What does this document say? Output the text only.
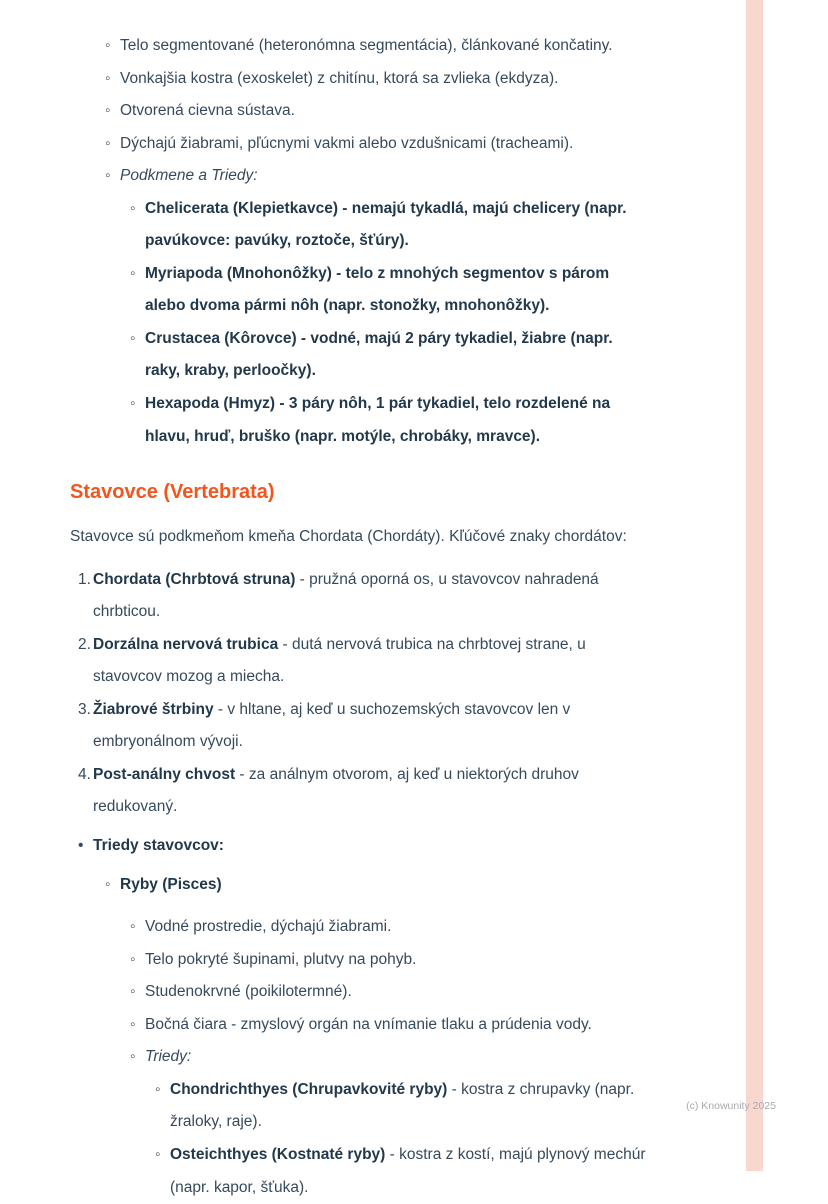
◦ Telo segmentované (heteronómna segmentácia), článkované končatiny.
◦ Vonkajšia kostra (exoskelet) z chitínu, ktorá sa zvlieka (ekdyza).
◦ Otvorená cievna sústava.
◦ Dýchajú žiabrami, pľúcnymi vakmi alebo vzdušnicami (tracheami).
◦ Podkmene a Triedy:
◦ Chelicerata (Klepietkavce) - nemajú tykadlá, majú chelicery (napr. pavúkovce: pavúky, roztoče, šťúry).
◦ Myriapoda (Mnohonôžky) - telo z mnohých segmentov s párom alebo dvoma pármi nôh (napr. stonožky, mnohonôžky).
◦ Crustacea (Kôrovce) - vodné, majú 2 páry tykadiel, žiabre (napr. raky, kraby, perloočky).
◦ Hexapoda (Hmyz) - 3 páry nôh, 1 pár tykadiel, telo rozdelené na hlavu, hruď, bruško (napr. motýle, chrobáky, mravce).
Stavovce (Vertebrata)

Stavovce sú podkmeňom kmeňa Chordata (Chordáty). Kľúčové znaky chordátov:

1. Chordata (Chrbtová struna) - pružná oporná os, u stavovcov nahradená chrbticou.
2. Dorzálna nervová trubica - dutá nervová trubica na chrbtovej strane, u stavovcov mozog a miecha.
3. Žiabrové štrbiny - v hltane, aj keď u suchozemských stavovcov len v embryonálnom vývoji.
4. Post-análny chvost - za análnym otvorom, aj keď u niektorých druhov redukovaný.
• Triedy stavovcov:
◦ Ryby (Pisces)
◦ Vodné prostredie, dýchajú žiabrami.
◦ Telo pokryté šupinami, plutvy na pohyb.
◦ Studenokrvné (poikilotermné).
◦ Bočná čiara - zmyslový orgán na vnímanie tlaku a prúdenia vody.
◦ Triedy:
◦ Chondrichthyes (Chrupavkovité ryby) - kostra z chrupavky (napr. žraloky, raje).
◦ Osteichthyes (Kostnaté ryby) - kostra z kostí, majú plynový mechúr (napr. kapor, šťuka).
(c) Knowunity 2025
